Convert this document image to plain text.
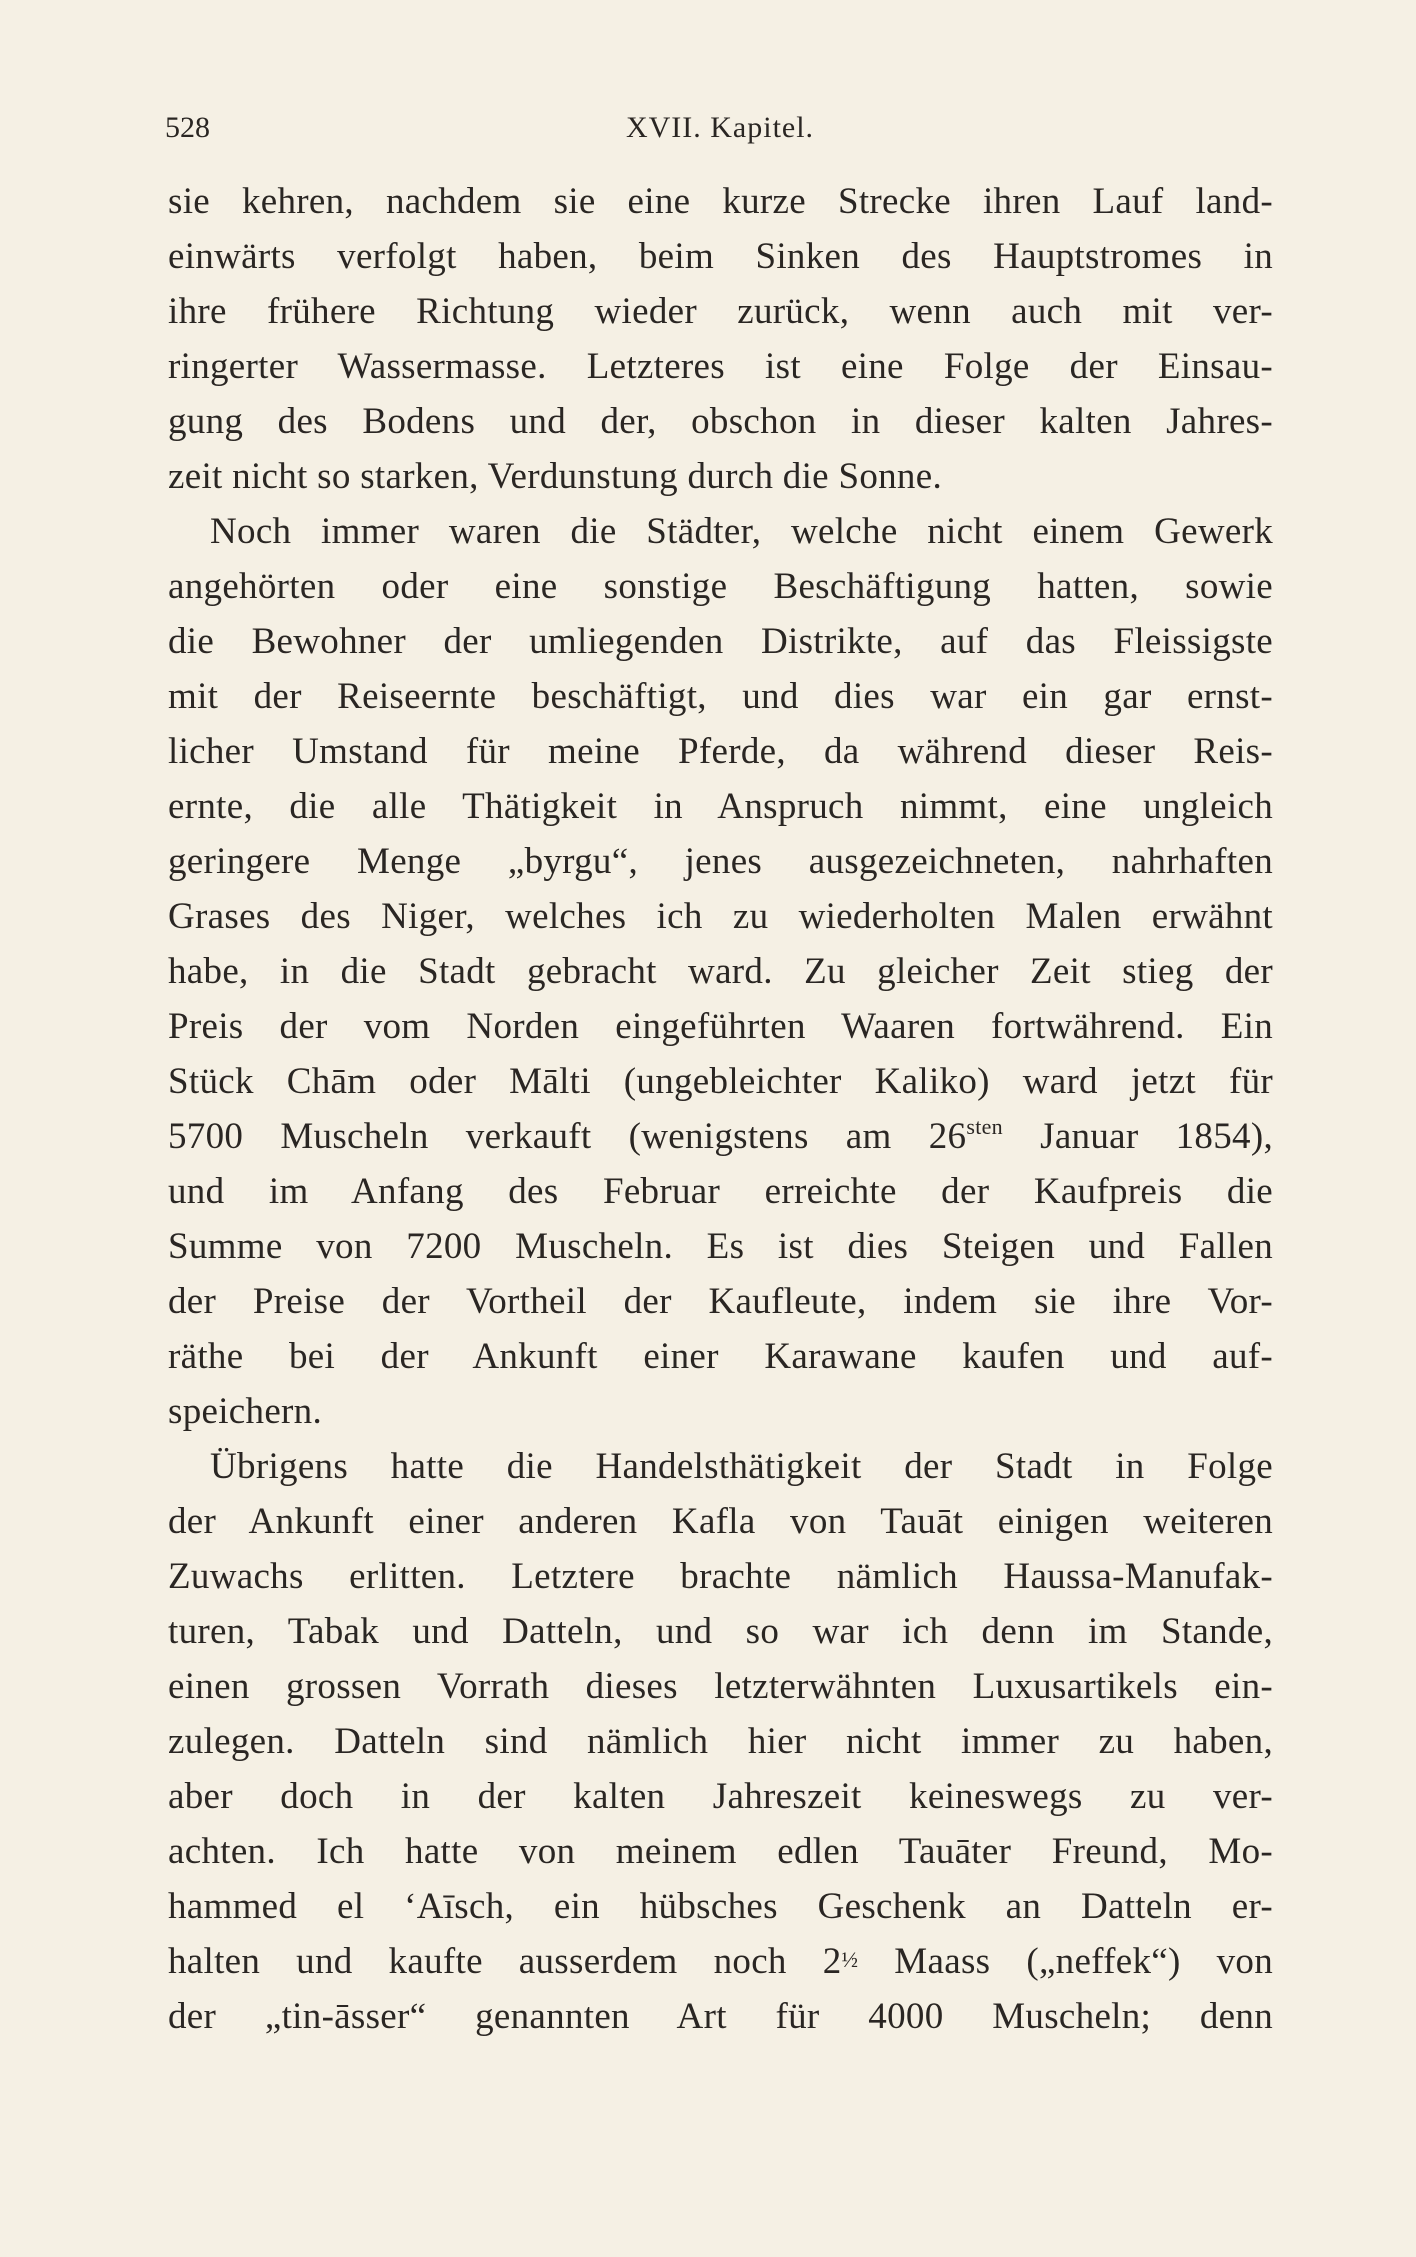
528	XVII. Kapitel.
sie kehren, nachdem sie eine kurze Strecke ihren Lauf land-
einwärts verfolgt haben, beim Sinken des Hauptstromes in
ihre frühere Richtung wieder zurück, wenn auch mit ver-
ringerter Wassermasse. Letzteres ist eine Folge der Einsau-
gung des Bodens und der, obschon in dieser kalten Jahres-
zeit nicht so starken, Verdunstung durch die Sonne.
Noch immer waren die Städter, welche nicht einem Gewerk
angehörten oder eine sonstige Beschäftigung hatten, sowie
die Bewohner der umliegenden Distrikte, auf das Fleissigste
mit der Reiseernte beschäftigt, und dies war ein gar ernst-
licher Umstand für meine Pferde, da während dieser Reis-
ernte, die alle Thätigkeit in Anspruch nimmt, eine ungleich
geringere Menge „byrgu“, jenes ausgezeichneten, nahrhaften
Grases des Niger, welches ich zu wiederholten Malen erwähnt
habe, in die Stadt gebracht ward. Zu gleicher Zeit stieg der
Preis der vom Norden eingeführten Waaren fortwährend. Ein
Stück Chām oder Mālti (ungebleichter Kaliko) ward jetzt für
5700 Muscheln verkauft (wenigstens am $26^{sten}$ Januar 1854),
und im Anfang des Februar erreichte der Kaufpreis die
Summe von 7200 Muscheln. Es ist dies Steigen und Fallen
der Preise der Vortheil der Kaufleute, indem sie ihre Vor-
räthe bei der Ankunft einer Karawane kaufen und auf-
speichern.
Übrigens hatte die Handelsthätigkeit der Stadt in Folge
der Ankunft einer anderen Kafla von Tauāt einigen weiteren
Zuwachs erlitten. Letztere brachte nämlich Haussa-Manufak-
turen, Tabak und Datteln, und so war ich denn im Stande,
einen grossen Vorrath dieses letzterwähnten Luxusartikels ein-
zulegen. Datteln sind nämlich hier nicht immer zu haben,
aber doch in der kalten Jahreszeit keineswegs zu ver-
achten. Ich hatte von meinem edlen Tauāter Freund, Mo-
hammed el ‘Aīsch, ein hübsches Geschenk an Datteln er-
halten und kaufte ausserdem noch 2½ Maass („neffek“) von
der „tin-āsser“ genannten Art für 4000 Muscheln; denn
